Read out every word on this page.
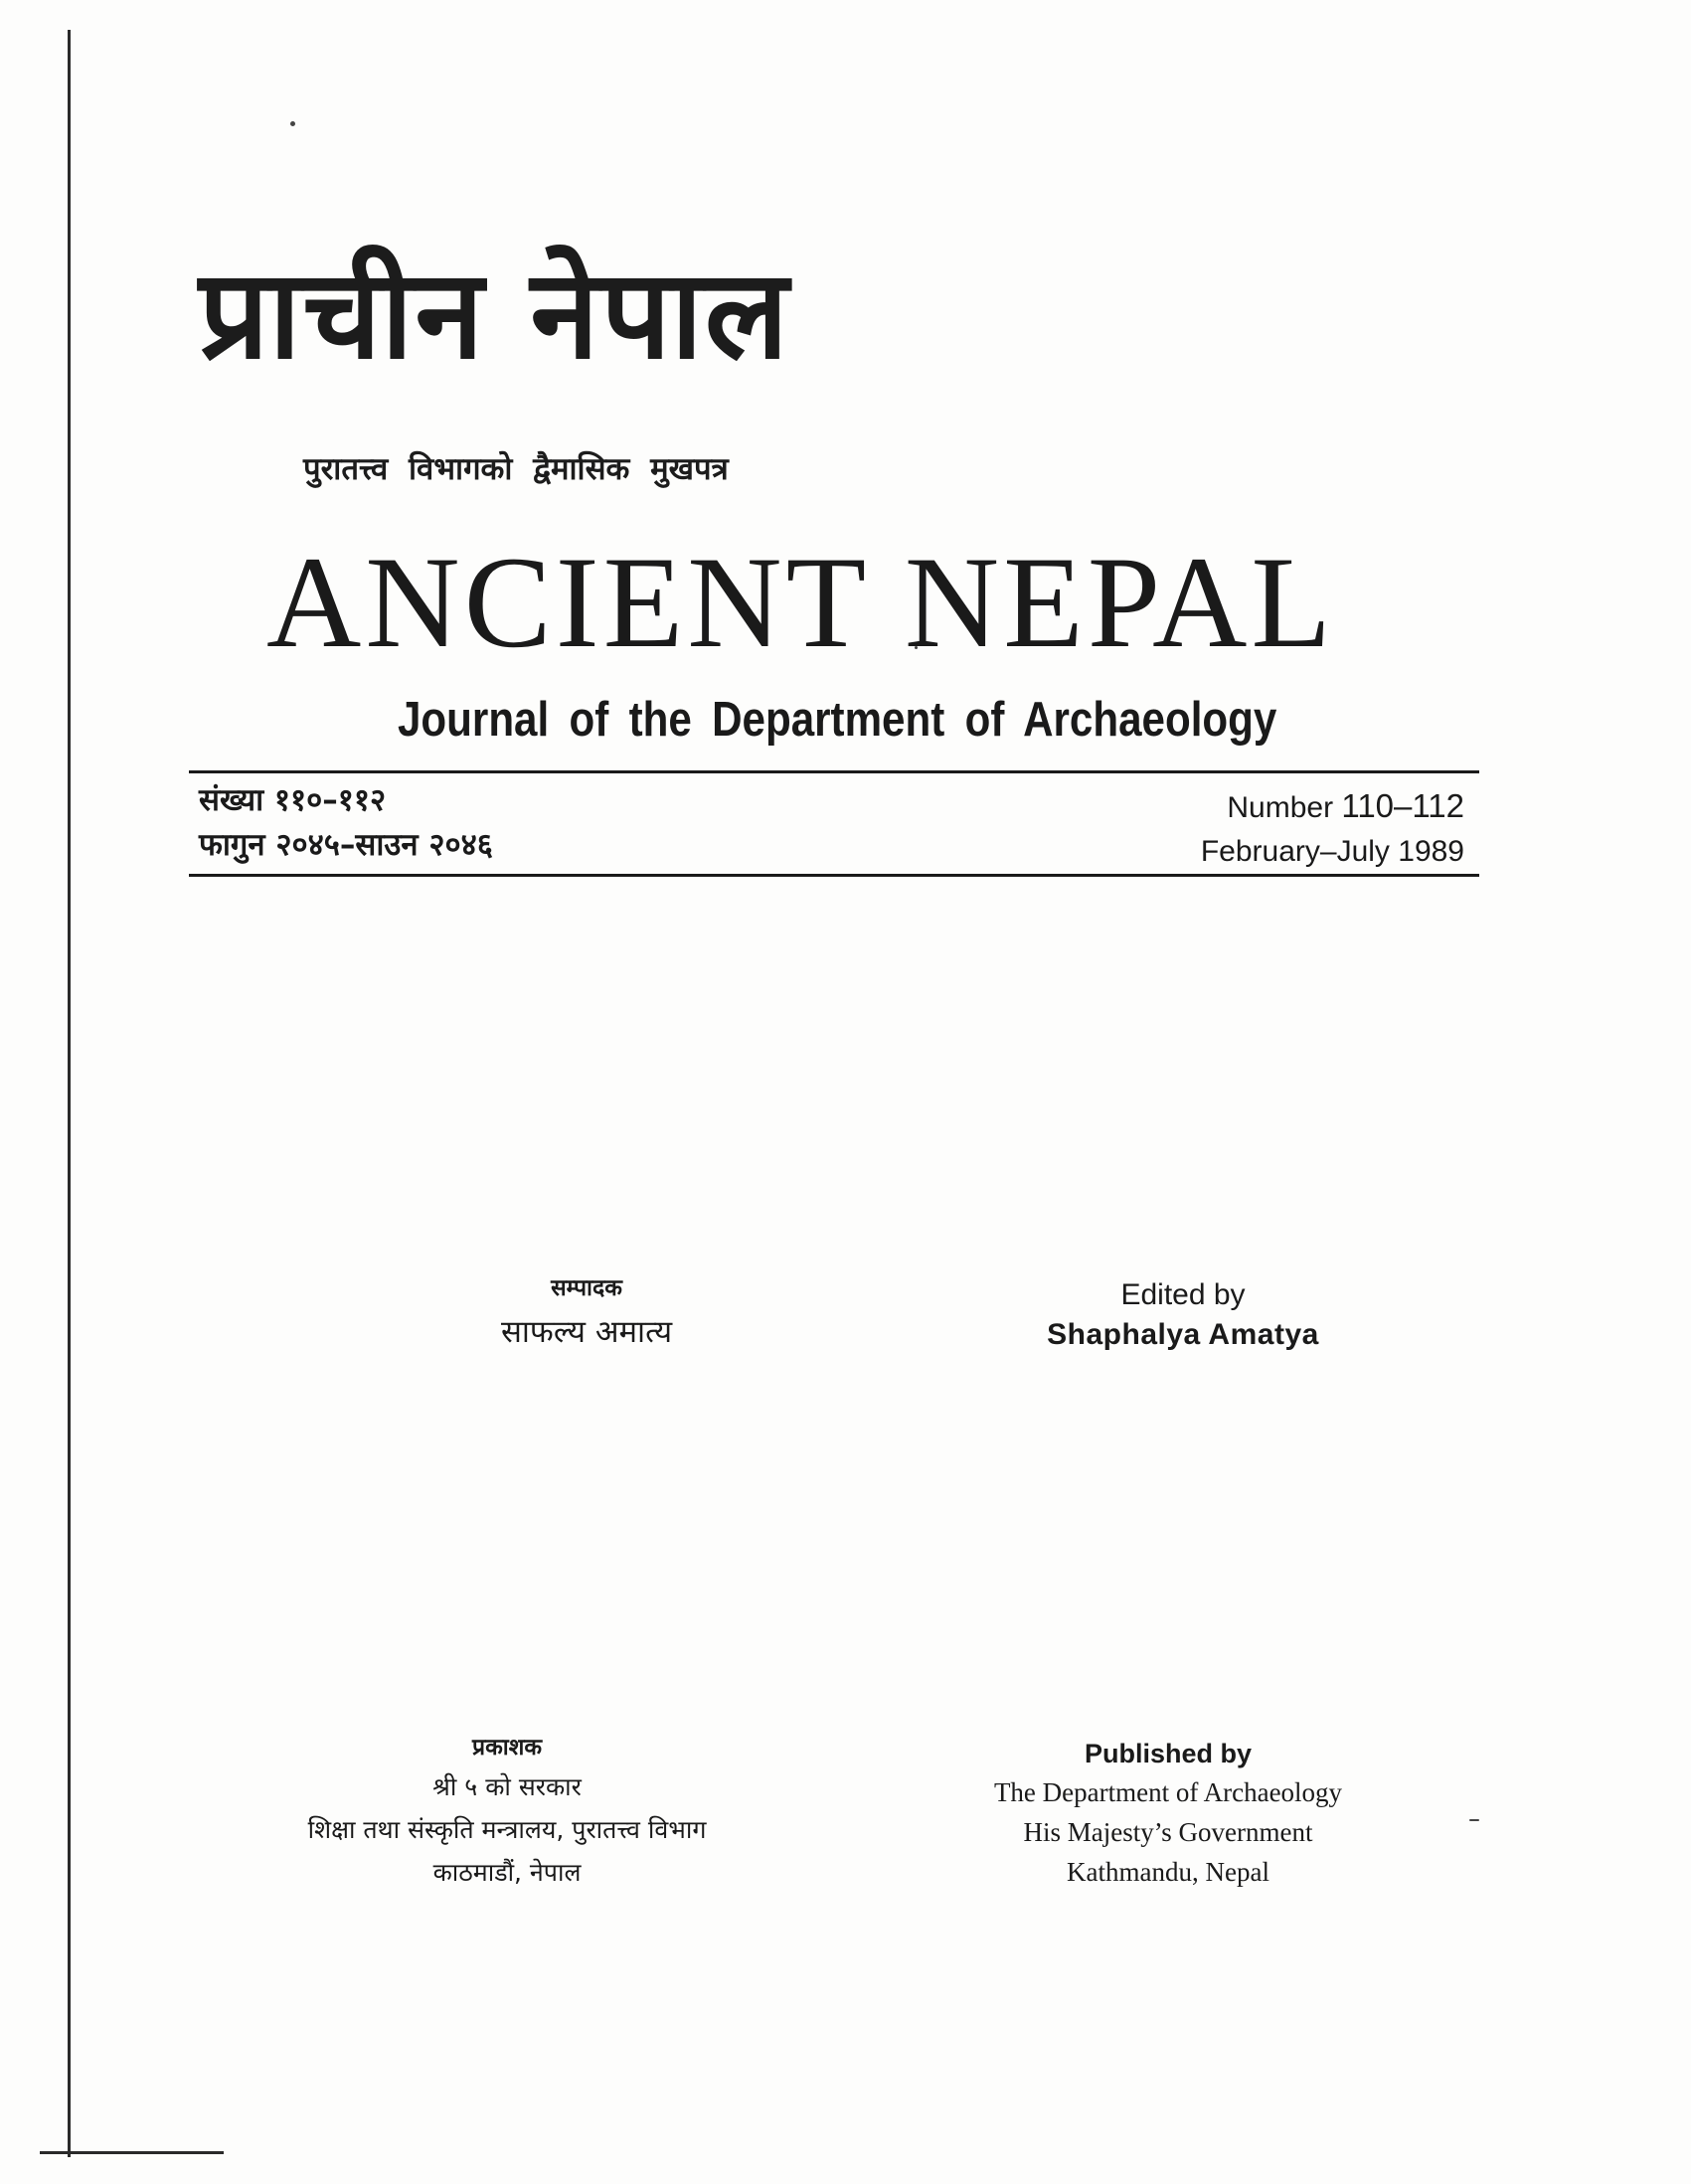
प्राचीन नेपाल
पुरातत्त्व विभागको द्वैमासिक मुखपत्र
ANCIENT NEPAL
Journal of the Department of Archaeology
संख्या ११०–११२
फागुन २०४५–साउन २०४६
Number 110–112
February–July 1989
सम्पादक
साफल्य अमात्य
Edited by
Shaphalya Amatya
प्रकाशक
श्री ५ को सरकार
शिक्षा तथा संस्कृति मन्त्रालय, पुरातत्त्व विभाग
काठमाडौं, नेपाल
Published by
The Department of Archaeology
His Majesty’s Government
Kathmandu, Nepal
